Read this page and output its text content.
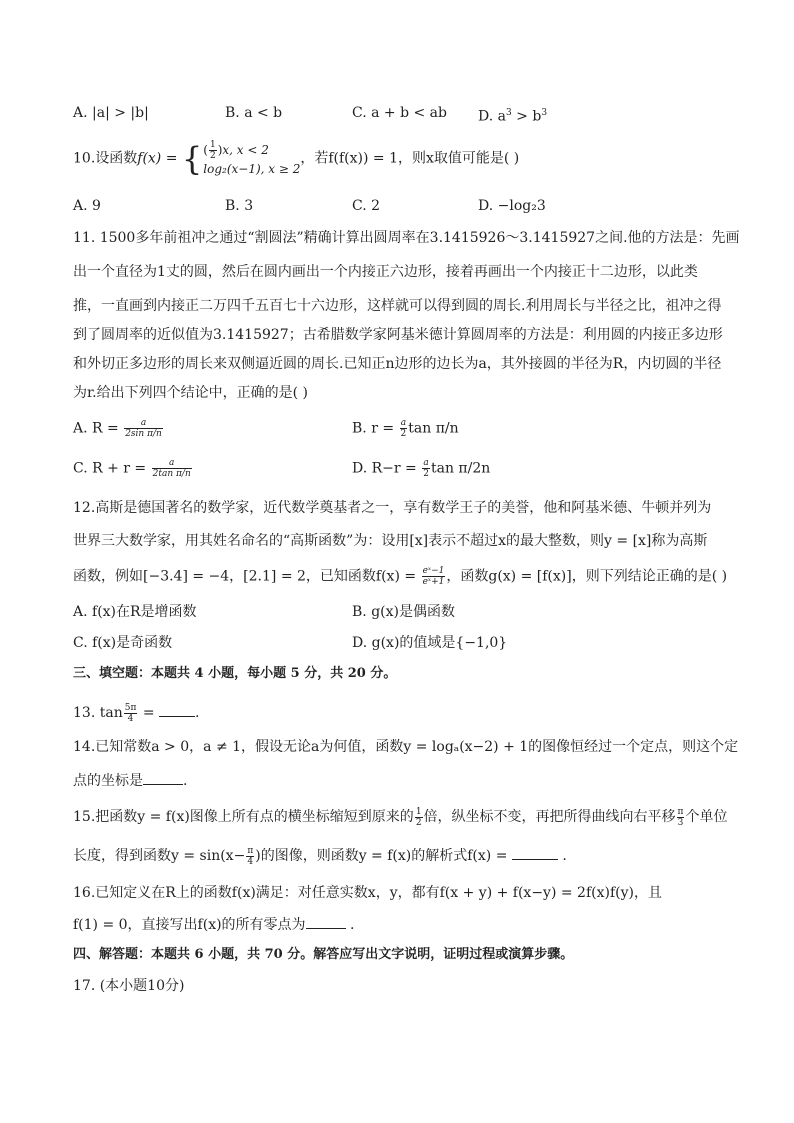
A. |a| > |b|	B. a < b	C. a + b < ab D. $a^3 > b^3$
10.设函数f(x) = { ( $\frac{1}{2} )x$, x < 2
log₂(x−1), x ≥ 2
，若f(f(x)) = 1，则x取值可能是( )
A. 9	B. 3	C. 2	D. −log₂3
11. 1500多年前祖冲之通过“割圆法”精确计算出圆周率在3.1415926～3.1415927之间.他的方法是：先画
出一个直径为1丈的圆，然后在圆内画出一个内接正六边形，接着再画出一个内接正十二边形，以此类
推，一直画到内接正二万四千五百七十六边形，这样就可以得到圆的周长.利用周长与半径之比，祖冲之得
到了圆周率的近似值为3.1415927；古希腊数学家阿基米德计算圆周率的方法是：利用圆的内接正多边形
和外切正多边形的周长来双侧逼近圆的周长.已知正n边形的边长为a，其外接圆的半径为R，内切圆的半径
为r.给出下列四个结论中，正确的是( )
A. $R = \frac{a}{\text{2sin π/n}}$	B. $r = \frac{a}{2}$ tan π/n
C. $R + r = \frac{a}{\text{2tan π/n}}$	D. $R-r = \frac{a}{2}$ tan π/2n
12.高斯是德国著名的数学家，近代数学奠基者之一，享有数学王子的美誉，他和阿基米德、牛顿并列为
世界三大数学家，用其姓名命名的“高斯函数”为：设用[x]表示不超过x的最大整数，则y = [x]称为高斯
函数，例如[−3.4] = −4，[2.1] = 2，已知函数$f(x) = \frac{\text{eˣ−1}}{\text{eˣ+1}}$ ，函数g(x) = [f(x)]，则下列结论正确的是( )
A. f(x)在R是增函数	B. g(x)是偶函数
C. f(x)是奇函数	D. g(x)的值域是{−1,0}
三、填空题：本题共 4 小题，每小题 5 分，共 20 分。
13. $\tan \frac{5\pi}{4}$ =	.
14.已知常数a > 0，a ≠ 1，假设无论a为何值，函数y = logₐ(x−2) + 1的图像恒经过一个定点，则这个定
点的坐标是	.
15.把函数y = f(x)图像上所有点的横坐标缩短到原来的 $\frac{1}{2}$ 倍，纵坐标不变，再把所得曲线向右平移 $\frac{\pi}{3}$ 个单位
长度，得到函数$y = \sin(x- \frac{\pi}{4}$ )的图像，则函数y = f(x)的解析式f(x) =	.
16.已知定义在R上的函数f(x)满足：对任意实数x，y，都有f(x + y) + f(x−y) = 2f(x)f(y)，且
f(1) = 0，直接写出f(x)的所有零点为	.
四、解答题：本题共 6 小题，共 70 分。解答应写出文字说明，证明过程或演算步骤。
17. (本小题10分)
